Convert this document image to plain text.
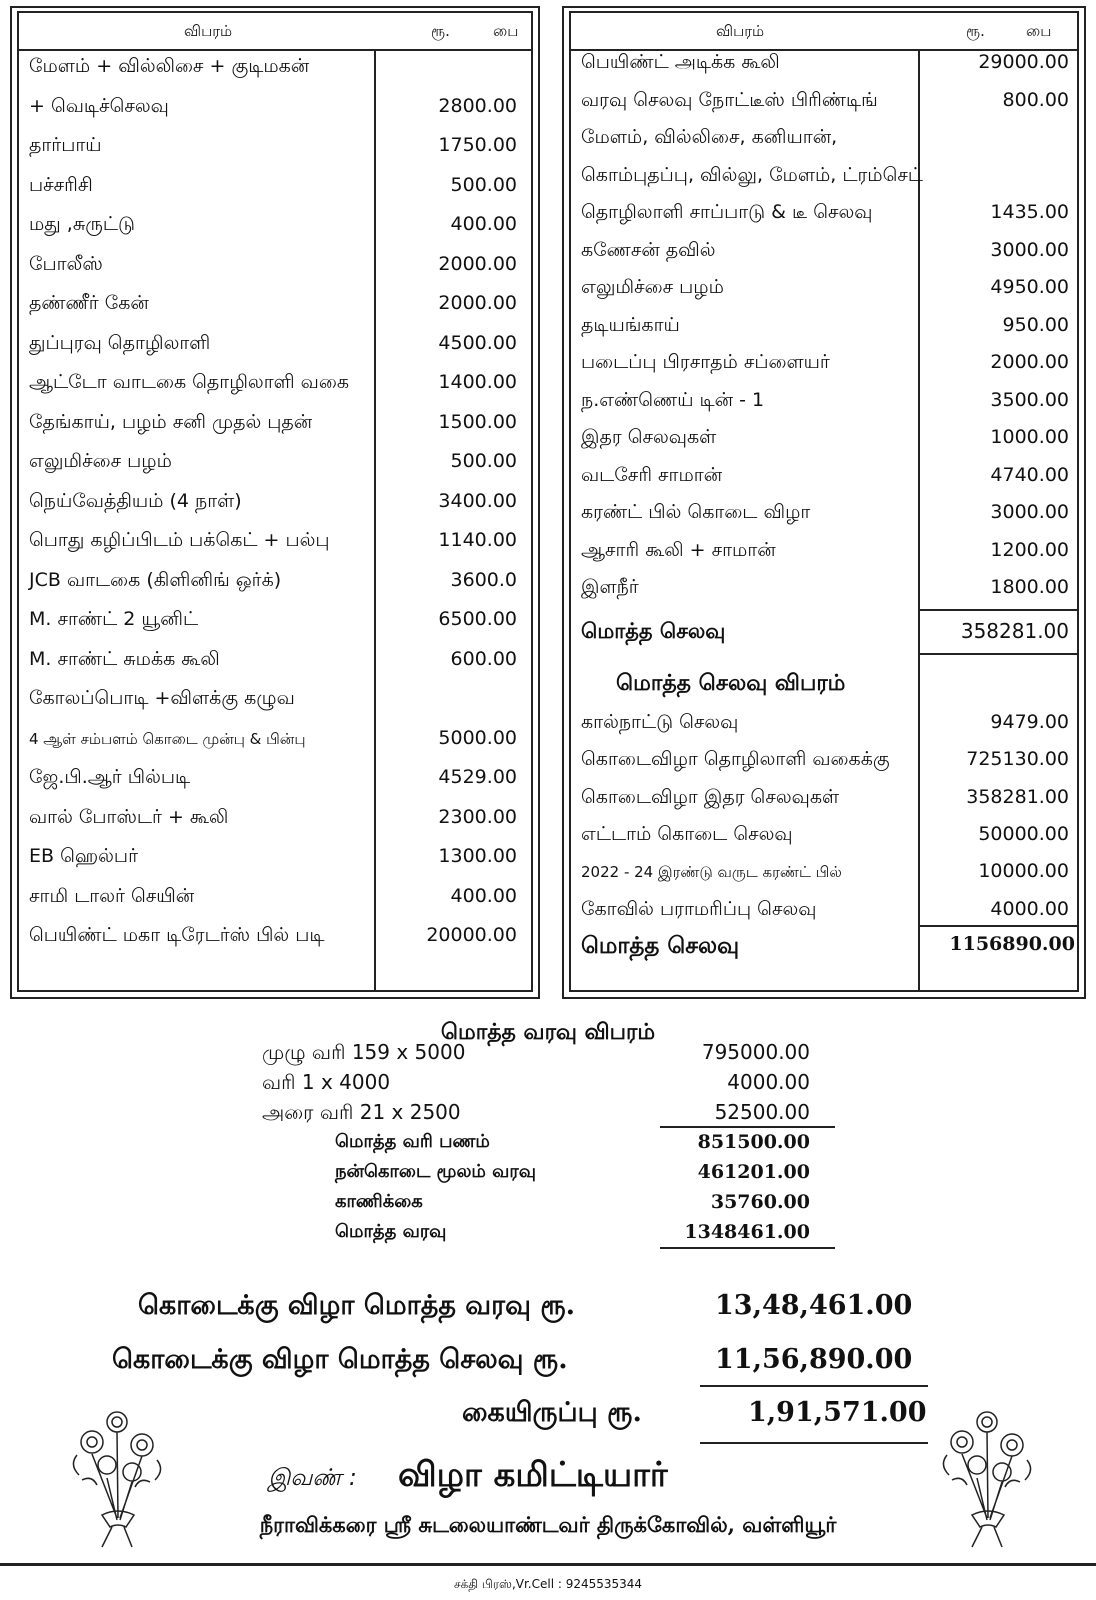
விபரம்	ரூ.	பை
மேளம் + வில்லிசை + குடிமகன்
+ வெடிச்செலவு	2800.00
தார்பாய்	1750.00
பச்சரிசி	500.00
மது ,சுருட்டு	400.00
போலீஸ்	2000.00
தண்ணீர் கேன்	2000.00
துப்புரவு தொழிலாளி	4500.00
ஆட்டோ வாடகை தொழிலாளி வகை	1400.00
தேங்காய், பழம் சனி முதல் புதன்	1500.00
எலுமிச்சை பழம்	500.00
நெய்வேத்தியம் (4 நாள்)	3400.00
பொது கழிப்பிடம் பக்கெட் + பல்பு	1140.00
JCB வாடகை (கிளினிங் ஒர்க்)	3600.0
M. சாண்ட் 2 யூனிட்	6500.00
M. சாண்ட் சுமக்க கூலி	600.00
கோலப்பொடி +விளக்கு கழுவ
4 ஆள் சம்பளம் கொடை முன்பு & பின்பு	5000.00
ஜே.பி.ஆர் பில்படி	4529.00
வால் போஸ்டர் + கூலி	2300.00
EB ஹெல்பர்	1300.00
சாமி டாலர் செயின்	400.00
பெயிண்ட் மகா டிரேடர்ஸ் பில் படி	20000.00
விபரம்	ரூ.	பை
பெயிண்ட் அடிக்க கூலி	29000.00
வரவு செலவு நோட்டீஸ் பிரிண்டிங்	800.00
மேளம், வில்லிசை, கனியான்,
கொம்புதப்பு, வில்லு, மேளம், ட்ரம்செட்
தொழிலாளி சாப்பாடு & டீ செலவு	1435.00
கணேசன் தவில்	3000.00
எலுமிச்சை பழம்	4950.00
தடியங்காய்	950.00
படைப்பு பிரசாதம் சப்ளையர்	2000.00
ந.எண்ணெய் டின் - 1	3500.00
இதர செலவுகள்	1000.00
வடசேரி சாமான்	4740.00
கரண்ட் பில் கொடை விழா	3000.00
ஆசாரி கூலி + சாமான்	1200.00
இளநீர்	1800.00
மொத்த செலவு	358281.00
மொத்த செலவு விபரம்
கால்நாட்டு செலவு	9479.00
கொடைவிழா தொழிலாளி வகைக்கு	725130.00
கொடைவிழா இதர செலவுகள்	358281.00
எட்டாம் கொடை செலவு	50000.00
2022 - 24 இரண்டு வருட கரண்ட் பில்	10000.00
கோவில் பராமரிப்பு செலவு	4000.00
மொத்த செலவு	1156890.00
மொத்த வரவு விபரம்
முழு வரி 159 x 5000	795000.00
வரி 1 x 4000	4000.00
அரை வரி 21 x 2500	52500.00
மொத்த வரி பணம்	851500.00
நன்கொடை மூலம் வரவு	461201.00
காணிக்கை	35760.00
மொத்த வரவு	1348461.00
கொடைக்கு விழா மொத்த வரவு ரூ.	13,48,461.00
கொடைக்கு விழா மொத்த செலவு ரூ.	11,56,890.00
கையிருப்பு ரூ.	1,91,571.00
இவண் : விழா கமிட்டியார்
நீராவிக்கரை ஸ்ரீ சுடலையாண்டவர் திருக்கோவில், வள்ளியூர்
சக்தி பிரஸ்,Vr.Cell : 9245535344
